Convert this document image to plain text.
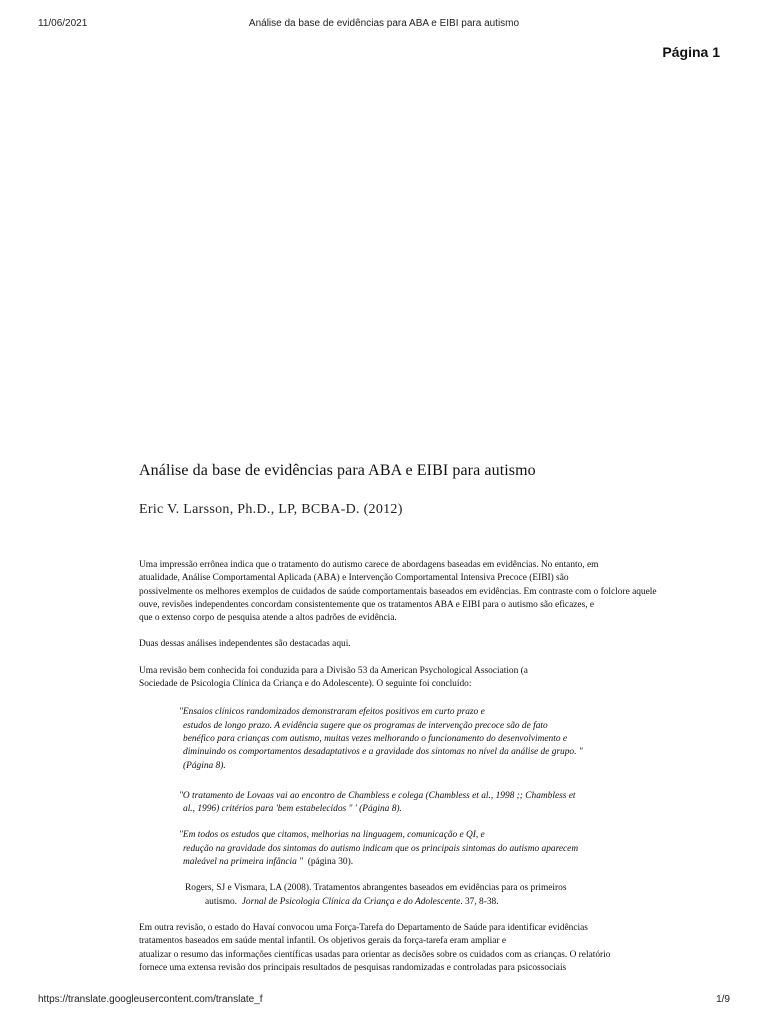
11/06/2021	Análise da base de evidências para ABA e EIBI para autismo
Página 1
Análise da base de evidências para ABA e EIBI para autismo
Eric V. Larsson, Ph.D., LP, BCBA-D. (2012)

Uma impressão errônea indica que o tratamento do autismo carece de abordagens baseadas em evidências. No entanto, em
atualidade, Análise Comportamental Aplicada (ABA) e Intervenção Comportamental Intensiva Precoce (EIBI) são
possivelmente os melhores exemplos de cuidados de saúde comportamentais baseados em evidências. Em contraste com o folclore aquele
ouve, revisões independentes concordam consistentemente que os tratamentos ABA e EIBI para o autismo são eficazes, e
que o extenso corpo de pesquisa atende a altos padrões de evidência.

Duas dessas análises independentes são destacadas aqui.

Uma revisão bem conhecida foi conduzida para a Divisão 53 da American Psychological Association (a
Sociedade de Psicologia Clínica da Criança e do Adolescente). O seguinte foi concluído:

"Ensaios clínicos randomizados demonstraram efeitos positivos em curto prazo e
estudos de longo prazo. A evidência sugere que os programas de intervenção precoce são de fato
benéfico para crianças com autismo, muitas vezes melhorando o funcionamento do desenvolvimento e
diminuindo os comportamentos desadaptativos e a gravidade dos sintomas no nível da análise de grupo. "
(Página 8).
"O tratamento de Lovaas vai ao encontro de Chambless e colega (Chambless et al., 1998 ;; Chambless et
al., 1996) critérios para 'bem estabelecidos " ' (Página 8).
"Em todos os estudos que citamos, melhorias na linguagem, comunicação e QI, e
redução na gravidade dos sintomas do autismo indicam que os principais sintomas do autismo aparecem
maleável na primeira infância " (página 30).
Rogers, SJ e Vismara, LA (2008). Tratamentos abrangentes baseados em evidências para os primeiros
autismo. Jornal de Psicologia Clínica da Criança e do Adolescente. 37, 8-38.

Em outra revisão, o estado do Havaí convocou uma Força-Tarefa do Departamento de Saúde para identificar evidências
tratamentos baseados em saúde mental infantil. Os objetivos gerais da força-tarefa eram ampliar e
atualizar o resumo das informações científicas usadas para orientar as decisões sobre os cuidados com as crianças. O relatório
fornece uma extensa revisão dos principais resultados de pesquisas randomizadas e controladas para psicossociais

https://translate.googleusercontent.com/translate_f	1/9
